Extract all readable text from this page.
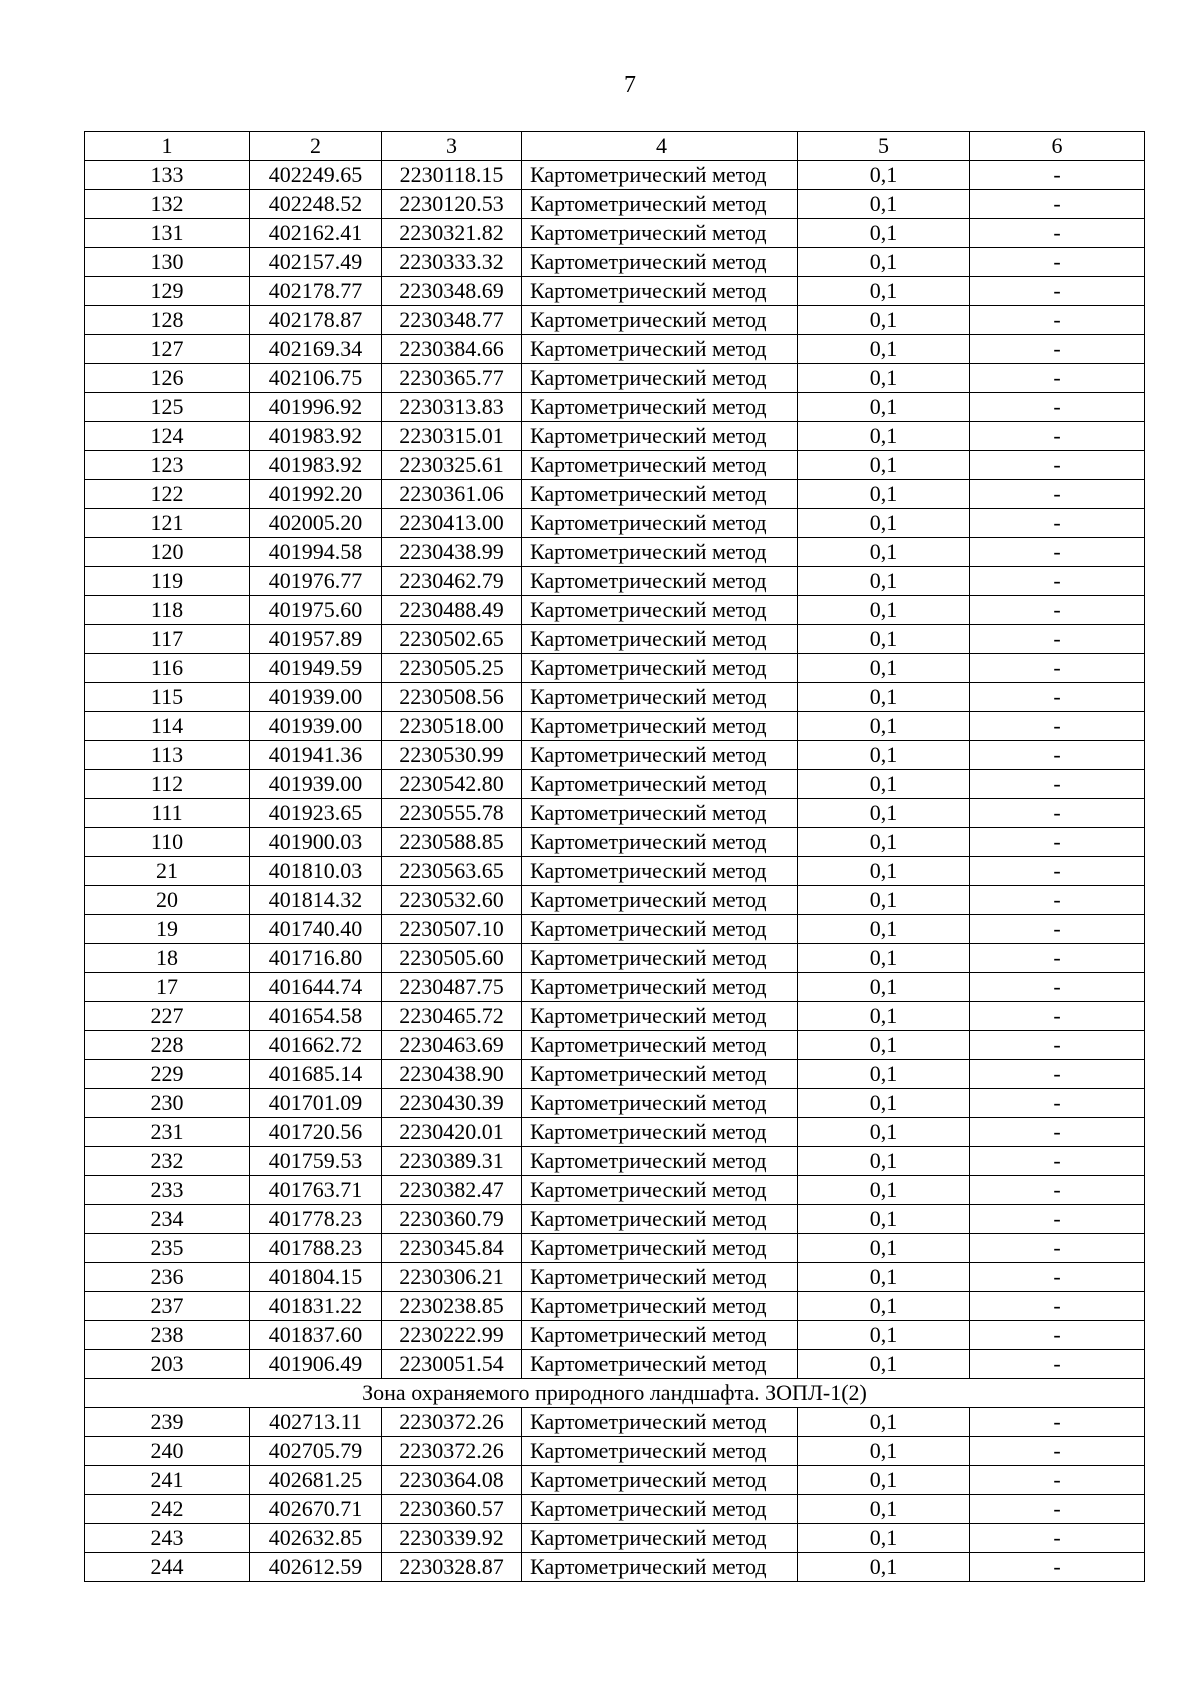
7
1	2	3	4	5	6
133	402249.65	2230118.15	Картометрический метод	0,1	-
132	402248.52	2230120.53	Картометрический метод	0,1	-
131	402162.41	2230321.82	Картометрический метод	0,1	-
130	402157.49	2230333.32	Картометрический метод	0,1	-
129	402178.77	2230348.69	Картометрический метод	0,1	-
128	402178.87	2230348.77	Картометрический метод	0,1	-
127	402169.34	2230384.66	Картометрический метод	0,1	-
126	402106.75	2230365.77	Картометрический метод	0,1	-
125	401996.92	2230313.83	Картометрический метод	0,1	-
124	401983.92	2230315.01	Картометрический метод	0,1	-
123	401983.92	2230325.61	Картометрический метод	0,1	-
122	401992.20	2230361.06	Картометрический метод	0,1	-
121	402005.20	2230413.00	Картометрический метод	0,1	-
120	401994.58	2230438.99	Картометрический метод	0,1	-
119	401976.77	2230462.79	Картометрический метод	0,1	-
118	401975.60	2230488.49	Картометрический метод	0,1	-
117	401957.89	2230502.65	Картометрический метод	0,1	-
116	401949.59	2230505.25	Картометрический метод	0,1	-
115	401939.00	2230508.56	Картометрический метод	0,1	-
114	401939.00	2230518.00	Картометрический метод	0,1	-
113	401941.36	2230530.99	Картометрический метод	0,1	-
112	401939.00	2230542.80	Картометрический метод	0,1	-
111	401923.65	2230555.78	Картометрический метод	0,1	-
110	401900.03	2230588.85	Картометрический метод	0,1	-
21	401810.03	2230563.65	Картометрический метод	0,1	-
20	401814.32	2230532.60	Картометрический метод	0,1	-
19	401740.40	2230507.10	Картометрический метод	0,1	-
18	401716.80	2230505.60	Картометрический метод	0,1	-
17	401644.74	2230487.75	Картометрический метод	0,1	-
227	401654.58	2230465.72	Картометрический метод	0,1	-
228	401662.72	2230463.69	Картометрический метод	0,1	-
229	401685.14	2230438.90	Картометрический метод	0,1	-
230	401701.09	2230430.39	Картометрический метод	0,1	-
231	401720.56	2230420.01	Картометрический метод	0,1	-
232	401759.53	2230389.31	Картометрический метод	0,1	-
233	401763.71	2230382.47	Картометрический метод	0,1	-
234	401778.23	2230360.79	Картометрический метод	0,1	-
235	401788.23	2230345.84	Картометрический метод	0,1	-
236	401804.15	2230306.21	Картометрический метод	0,1	-
237	401831.22	2230238.85	Картометрический метод	0,1	-
238	401837.60	2230222.99	Картометрический метод	0,1	-
203	401906.49	2230051.54	Картометрический метод	0,1	-
Зона охраняемого природного ландшафта. ЗОПЛ-1(2)					
239	402713.11	2230372.26	Картометрический метод	0,1	-
240	402705.79	2230372.26	Картометрический метод	0,1	-
241	402681.25	2230364.08	Картометрический метод	0,1	-
242	402670.71	2230360.57	Картометрический метод	0,1	-
243	402632.85	2230339.92	Картометрический метод	0,1	-
244	402612.59	2230328.87	Картометрический метод	0,1	-
